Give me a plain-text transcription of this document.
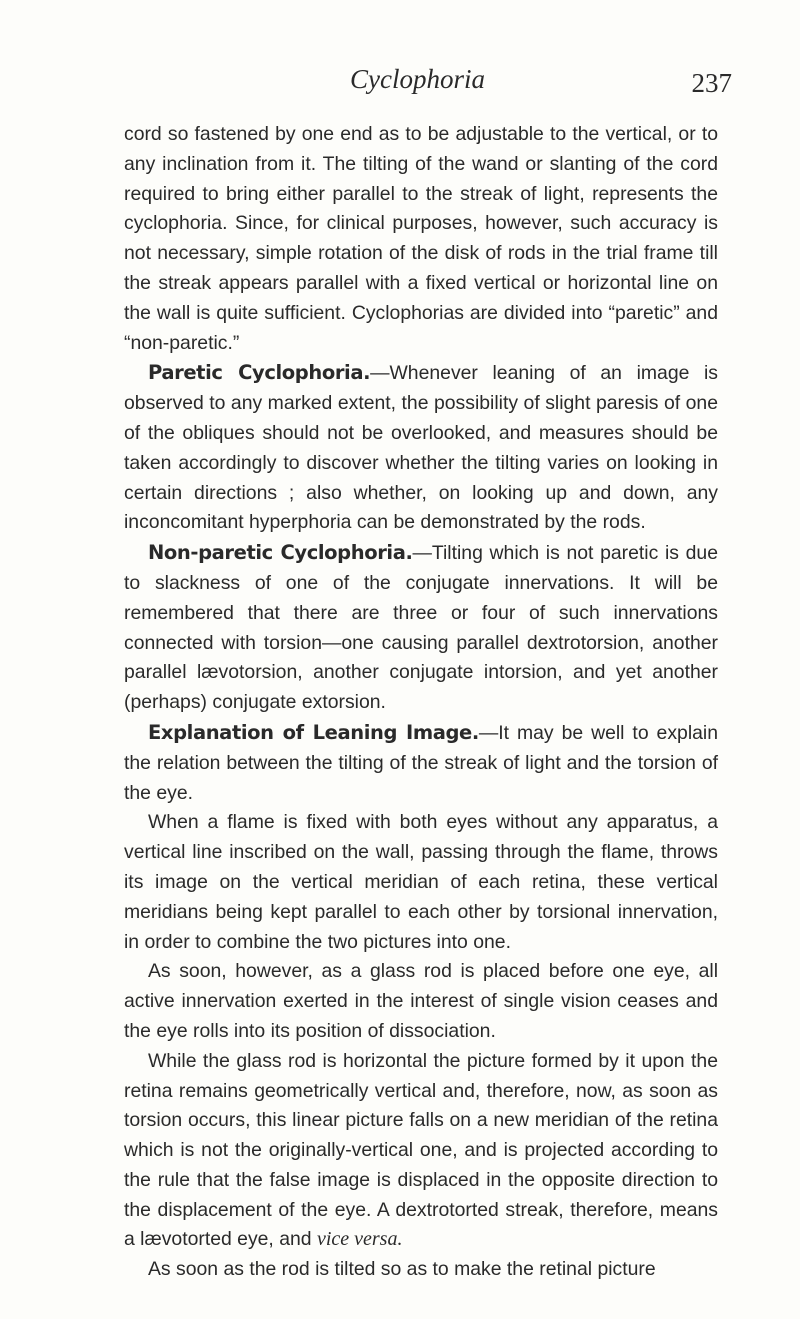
Cyclophoria	237

cord so fastened by one end as to be adjustable to the vertical, or to any inclination from it. The tilting of the wand or slanting of the cord required to bring either parallel to the streak of light, represents the cyclophoria. Since, for clinical purposes, however, such accuracy is not necessary, simple rotation of the disk of rods in the trial frame till the streak appears parallel with a fixed vertical or horizontal line on the wall is quite sufficient. Cyclophorias are divided into “paretic” and “non-paretic.”

Paretic Cyclophoria.—Whenever leaning of an image is observed to any marked extent, the possibility of slight paresis of one of the obliques should not be overlooked, and measures should be taken accordingly to discover whether the tilting varies on looking in certain directions ; also whether, on looking up and down, any inconcomitant hyperphoria can be demonstrated by the rods.

Non-paretic Cyclophoria.—Tilting which is not paretic is due to slackness of one of the conjugate innervations. It will be remembered that there are three or four of such innervations connected with torsion—one causing parallel dextrotorsion, another parallel lævotorsion, another conjugate intorsion, and yet another (perhaps) conjugate extorsion.

Explanation of Leaning Image.—It may be well to explain the relation between the tilting of the streak of light and the torsion of the eye.

When a flame is fixed with both eyes without any apparatus, a vertical line inscribed on the wall, passing through the flame, throws its image on the vertical meridian of each retina, these vertical meridians being kept parallel to each other by torsional innervation, in order to combine the two pictures into one.

As soon, however, as a glass rod is placed before one eye, all active innervation exerted in the interest of single vision ceases and the eye rolls into its position of dissociation.

While the glass rod is horizontal the picture formed by it upon the retina remains geometrically vertical and, therefore, now, as soon as torsion occurs, this linear picture falls on a new meridian of the retina which is not the originally-vertical one, and is projected according to the rule that the false image is displaced in the opposite direction to the displacement of the eye. A dextrotorted streak, therefore, means a lævotorted eye, and vice versa.

As soon as the rod is tilted so as to make the retinal picture
